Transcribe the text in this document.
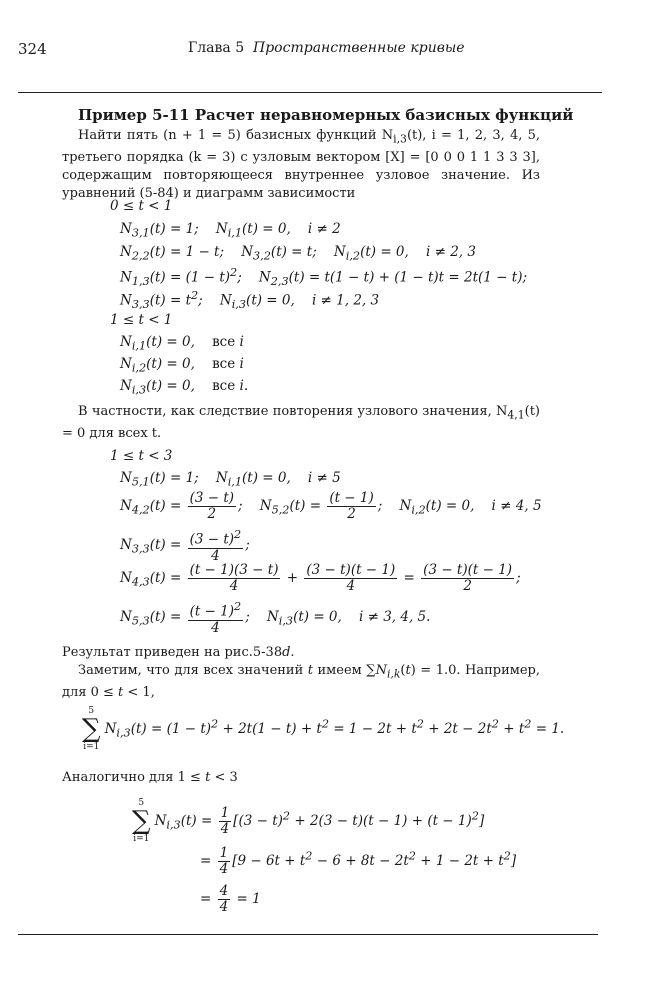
324	Глава 5 Пространственные кривые
Пример 5-11 Расчет неравномерных базисных функций
Найти пять (n + 1 = 5) базисных функций $N_{i,3}(t)$, i = 1, 2, 3, 4, 5, третьего порядка (k = 3) с узловым вектором [X] = [0 0 0 1 1 3 3 3], содержащим повторяющееся внутреннее узловое значение. Из уравнений (5-84) и диаграмм зависимости
0 ≤ t < 1
$N_{3,1}(t) = 1$;    $N_{i,1}(t) = 0$,    i ≠ 2
$N_{2,2}(t) = 1 - t$;    $N_{3,2}(t) = t$;    $N_{i,2}(t) = 0$,    i ≠ 2, 3
$N_{1,3}(t) = (1 - t)^2$;    $N_{2,3}(t) = t(1 - t) + (1 - t)t = 2t(1 - t)$;
$N_{3,3}(t) = t^2$;    $N_{i,3}(t) = 0$,    i ≠ 1, 2, 3
1 ≤ t < 1
$N_{i,1}(t) = 0$,    все i
$N_{i,2}(t) = 0$,    все i
$N_{i,3}(t) = 0$,    все i.
В частности, как следствие повторения узлового значения, $N_{4,1}(t) = 0$ для всех t.
1 ≤ t < 3
$N_{5,1}(t) = 1$;    $N_{i,1}(t) = 0$,    i ≠ 5
$N_{4,2}(t) = \frac{(3 - t)}{2}$ ;    $N_{5,2}(t) = \frac{(t - 1)}{2}$ ;    $N_{i,2}(t) = 0$,    i ≠ 4, 5
$N_{3,3}(t) = \frac{(3 - t)^2}{4}$ ;
$N_{4,3}(t) = \frac{(t - 1)(3 - t)}{4} + \frac{(3 - t)(t - 1)}{4} = \frac{(3 - t)(t - 1)}{2}$ ;
$N_{5,3}(t) = \frac{(t - 1)^2}{4}$ ;    $N_{i,3}(t) = 0$,    i ≠ 3, 4, 5.
Результат приведен на рис.5-38d.
Заметим, что для всех значений t имеем $\sum N_{i,k}(t) = 1.0$. Например, для 0 ≤ t < 1,
5
∑
i=1
$N_{i,3}(t) = (1 - t)^2 + 2t(1 - t) + t^2 = 1 - 2t + t^2 + 2t - 2t^2 + t^2 = 1$.
Аналогично для 1 ≤ t < 3
5
∑
i=1
$N_{i,3}(t) = \frac{1}{4} [(3 - t)^2 + 2(3 - t)(t - 1) + (t - 1)^2]$
= $\frac{1}{4} [9 - 6t + t^2 - 6 + 8t - 2t^2 + 1 - 2t + t^2]$
= $\frac{4}{4} = 1$
